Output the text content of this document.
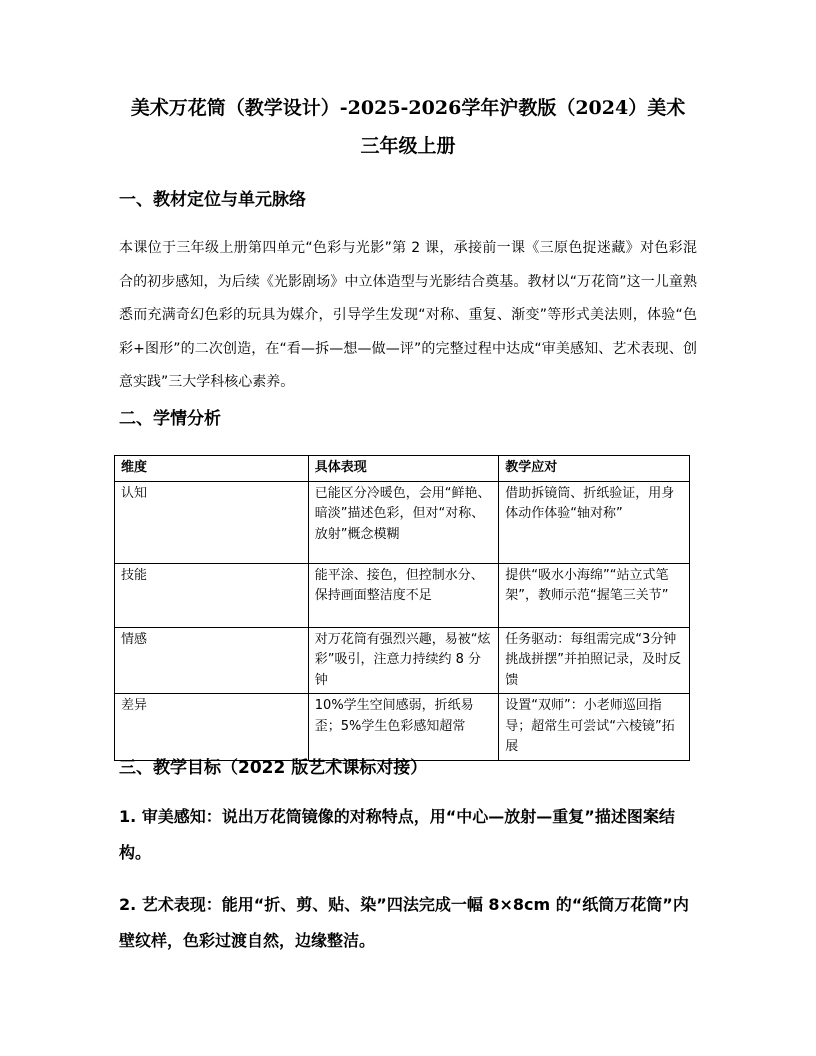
美术万花筒（教学设计）-2025-2026学年沪教版（2024）美术
三年级上册
一、教材定位与单元脉络
本课位于三年级上册第四单元“色彩与光影”第 2 课，承接前一课《三原色捉迷藏》对色彩混合的初步感知，为后续《光影剧场》中立体造型与光影结合奠基。教材以“万花筒”这一儿童熟悉而充满奇幻色彩的玩具为媒介，引导学生发现“对称、重复、渐变”等形式美法则，体验“色彩+图形”的二次创造，在“看—拆—想—做—评”的完整过程中达成“审美感知、艺术表现、创意实践”三大学科核心素养。
二、学情分析
维度	具体表现	教学应对
认知	已能区分冷暖色，会用“鲜艳、暗淡”描述色彩，但对“对称、放射”概念模糊	借助拆镜筒、折纸验证，用身体动作体验“轴对称”
技能	能平涂、接色，但控制水分、保持画面整洁度不足	提供“吸水小海绵”“站立式笔架”，教师示范“握笔三关节”
情感	对万花筒有强烈兴趣，易被“炫彩”吸引，注意力持续约 8 分钟	任务驱动：每组需完成“3分钟挑战拼摆”并拍照记录，及时反馈
差异	10%学生空间感弱，折纸易歪；5%学生色彩感知超常	设置“双师”：小老师巡回指导；超常生可尝试“六棱镜”拓展
三、教学目标（2022 版艺术课标对接）
1. 审美感知：说出万花筒镜像的对称特点，用“中心—放射—重复”描述图案结构。
2. 艺术表现：能用“折、剪、贴、染”四法完成一幅 8×8cm 的“纸筒万花筒”内壁纹样，色彩过渡自然，边缘整洁。
